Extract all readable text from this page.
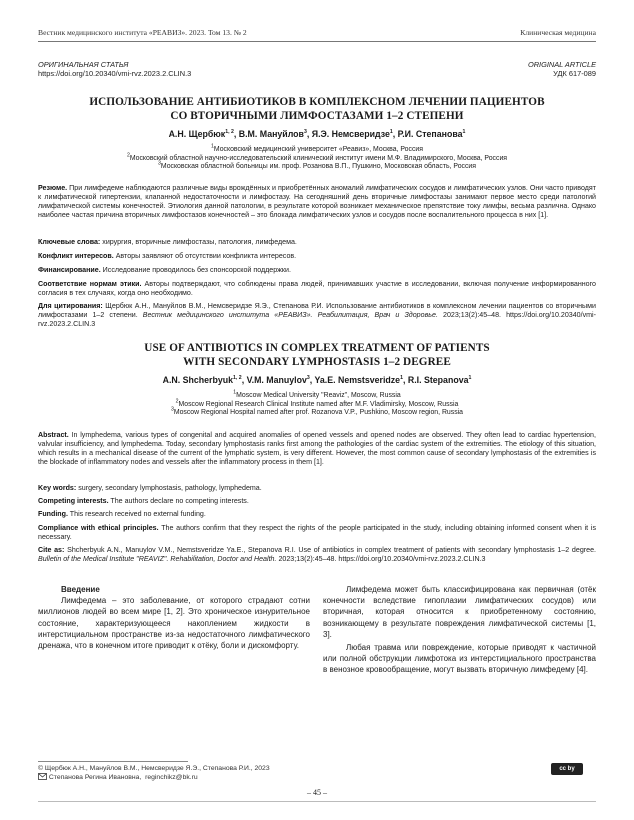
Вестник медицинского института «РЕАВИЗ». 2023. Том 13. № 2	Клиническая медицина
ОРИГИНАЛЬНАЯ СТАТЬЯ
https://doi.org/10.20340/vmi-rvz.2023.2.CLIN.3
ORIGINAL ARTICLE
УДК 617-089
ИСПОЛЬЗОВАНИЕ АНТИБИОТИКОВ В КОМПЛЕКСНОМ ЛЕЧЕНИИ ПАЦИЕНТОВ
СО ВТОРИЧНЫМИ ЛИМФОСТАЗАМИ 1–2 СТЕПЕНИ
А.Н. Щербюк$^{1, 2}$, В.М. Мануйлов$^3$, Я.Э. Немсверидзе$^1$, Р.И. Степанова$^1$
$^1$Московский медицинский университет «Реавиз», Москва, Россия
$^2$Московский областной научно-исследовательский клинический институт имени М.Ф. Владимирского, Москва, Россия
$^3$Московская областной больницы им. проф. Розанова В.П., Пушкино, Московская область, Россия
Резюме. При лимфедеме наблюдаются различные виды врождённых и приобретённых аномалий лимфатических сосудов и лимфатических узлов. Они часто приводят к лимфатической гипертензии, клапанной недостаточности и лимфостазу. На сегодняшний день вторичные лимфостазы занимают первое место среди патологий лимфатической системы конечностей. Этиология данной патологии, в результате которой возникает механическое препятствие току лимфы, весьма различна. Однако наиболее частая причина вторичных лимфостазов конечностей – это блокада лимфатических узлов и сосудов после воспалительного процесса в них [1].
Ключевые слова: хирургия, вторичные лимфостазы, патология, лимфедема.
Конфликт интересов. Авторы заявляют об отсутствии конфликта интересов.
Финансирование. Исследование проводилось без спонсорской поддержки.
Соответствие нормам этики. Авторы подтверждают, что соблюдены права людей, принимавших участие в исследовании, включая получение информированного согласия в тех случаях, когда оно необходимо.
Для цитирования: Щербюк А.Н., Мануйлов В.М., Немсверидзе Я.Э., Степанова Р.И. Использование антибиотиков в комплексном лечении пациентов со вторичными лимфостазами 1–2 степени. Вестник медицинского института «РЕАВИЗ». Реабилитация, Врач и Здоровье. 2023;13(2):45–48. https://doi.org/10.20340/vmi-rvz.2023.2.CLIN.3
USE OF ANTIBIOTICS IN COMPLEX TREATMENT OF PATIENTS
WITH SECONDARY LYMPHOSTASIS 1–2 DEGREE
A.N. Shcherbyuk$^{1, 2}$, V.M. Manuylov$^3$, Ya.E. Nemstsveridze$^1$, R.I. Stepanova$^1$
$^1$Moscow Medical University "Reaviz", Moscow, Russia
$^2$Moscow Regional Research Clinical Institute named after M.F. Vladimirsky, Moscow, Russia
$^3$Moscow Regional Hospital named after prof. Rozanova V.P., Pushkino, Moscow region, Russia
Abstract. In lymphedema, various types of congenital and acquired anomalies of opened vessels and opened nodes are observed. They often lead to cardiac hypertension, valvular insufficiency, and lymphedema. Today, secondary lymphostasis ranks first among the pathologies of the cardiac system of the extremities. The etiology of this situation, which results in a mechanical disease of the current of the lymphatic system, is very different. However, the most common cause of secondary lymphostasis of the extremities is the blockade of inflammatory nodes and vessels after the inflammatory process in them [1].
Key words: surgery, secondary lymphostasis, pathology, lymphedema.
Competing interests. The authors declare no competing interests.
Funding. This research received no external funding.
Compliance with ethical principles. The authors confirm that they respect the rights of the people participated in the study, including obtaining informed consent when it is necessary.
Cite as: Shcherbyuk A.N., Manuylov V.M., Nemstsveridze Ya.E., Stepanova R.I. Use of antibiotics in complex treatment of patients with secondary lymphostasis 1–2 degree. Bulletin of the Medical Institute "REAVIZ". Rehabilitation, Doctor and Health. 2023;13(2):45–48. https://doi.org/10.20340/vmi-rvz.2023.2.CLIN.3
Введение
Лимфедема – это заболевание, от которого страдают сотни миллионов людей во всем мире [1, 2]. Это хроническое изнурительное состояние, характеризующееся накоплением жидкости в интерстициальном пространстве из-за недостаточного лимфатического дренажа, что в конечном итоге приводит к отёку, боли и дискомфорту.
Лимфедема может быть классифицирована как первичная (отёк конечности вследствие гипоплазии лимфатических сосудов) или вторичная, которая относится к приобретенному состоянию, возникающему в результате повреждения лимфатической системы [1, 3].
Любая травма или повреждение, которые приводят к частичной или полной обструкции лимфотока из интерстициального пространства в венозное кровообращение, могут вызвать вторичную лимфедему [4].
© Щербюк А.Н., Мануйлов В.М., Немсверидзе Я.Э., Степанова Р.И., 2023
Степанова Регина Ивановна, reginchikz@bk.ru
cc by
– 45 –
